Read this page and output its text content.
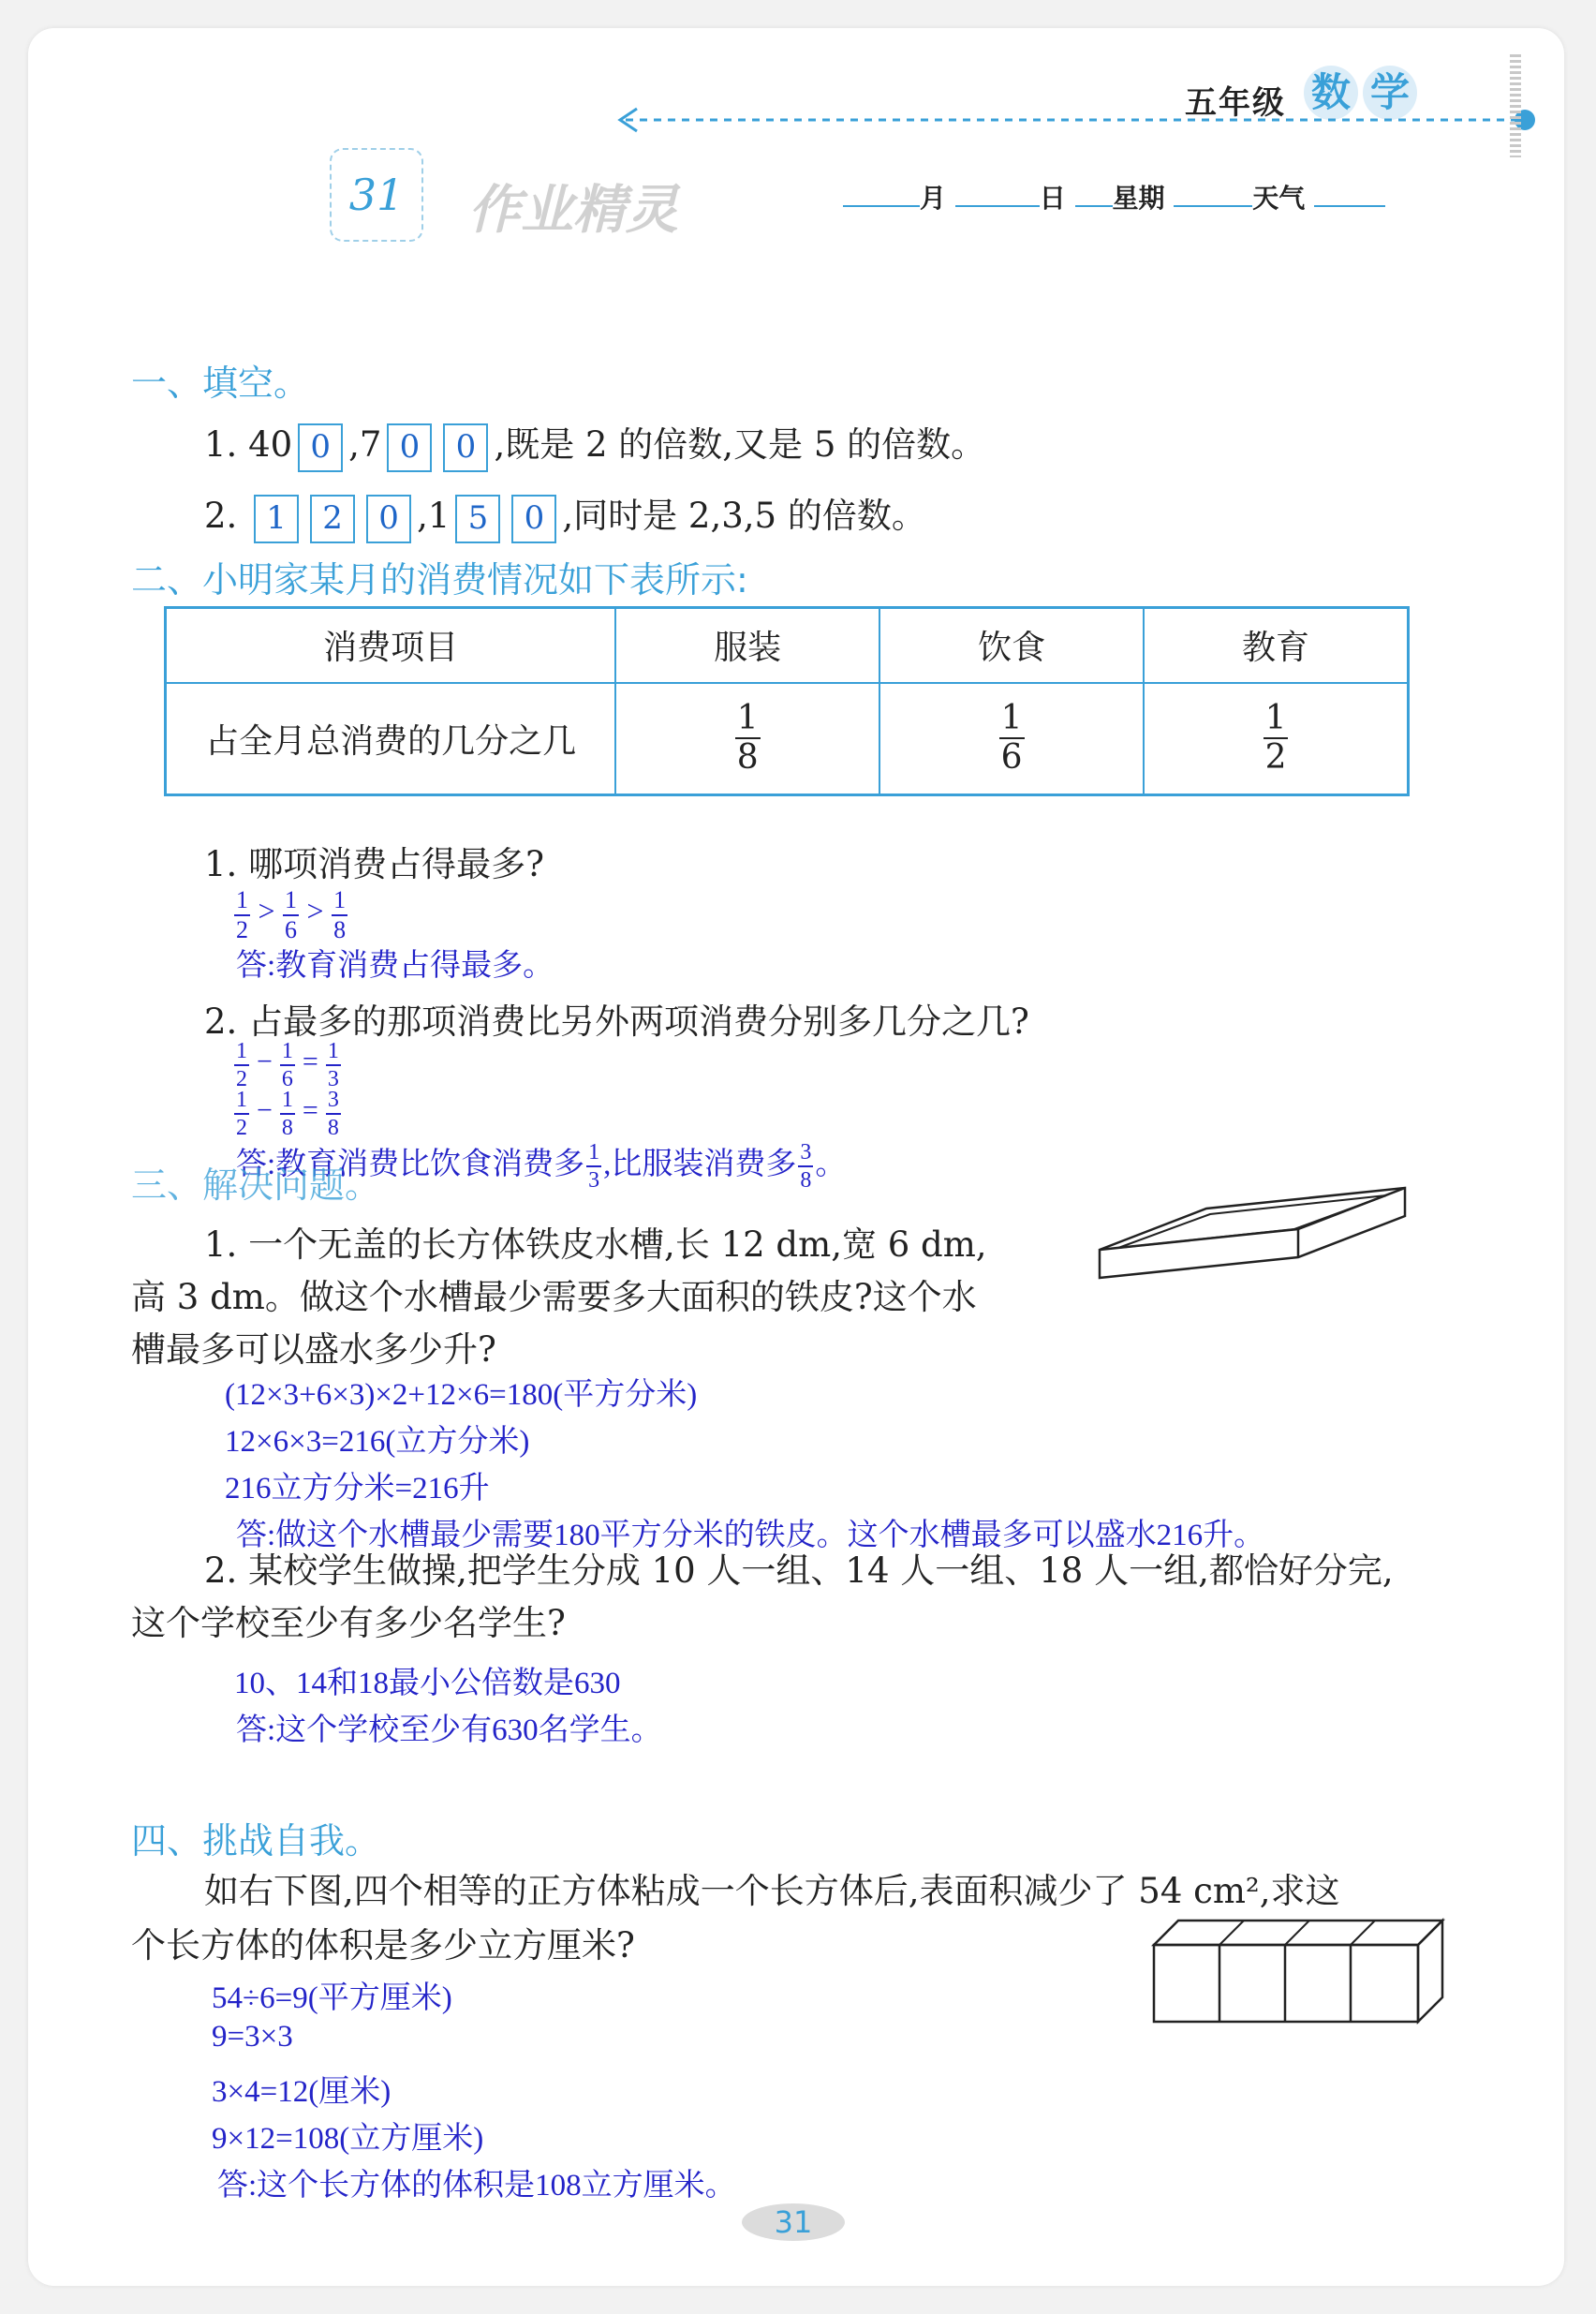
五年级 数 学
31	作业精灵	月	日 星期	天气
一、填空。
1. 40 0 ,7 0 0 ,既是 2 的倍数,又是 5 的倍数。
2. 1 2 0 ,1 5 0 ,同时是 2,3,5 的倍数。
二、小明家某月的消费情况如下表所示:
消费项目	服装	饮食	教育
占全月总消费的几分之几	$\frac{1}{8}$	$\frac{1}{6}$	$\frac{1}{2}$
1. 哪项消费占得最多?
$\frac{1}{2} > \frac{1}{6} > \frac{1}{8}$
答:教育消费占得最多。
2. 占最多的那项消费比另外两项消费分别多几分之几?
$\frac{1}{2} - \frac{1}{6} = \frac{1}{3}$
$\frac{1}{2} - \frac{1}{8} = \frac{3}{8}$
答:教育消费比饮食消费多 $\frac{1}{3}$ ,比服装消费多 $\frac{3}{8}$ 。
三、解决问题。
1. 一个无盖的长方体铁皮水槽,长 12 dm,宽 6 dm,
高 3 dm。做这个水槽最少需要多大面积的铁皮?这个水
槽最多可以盛水多少升?
(12×3+6×3)×2+12×6=180(平方分米)
12×6×3=216(立方分米)
216立方分米=216升
答:做这个水槽最少需要180平方分米的铁皮。这个水槽最多可以盛水216升。
2. 某校学生做操,把学生分成 10 人一组、14 人一组、18 人一组,都恰好分完,
这个学校至少有多少名学生?
10、14和18最小公倍数是630
答:这个学校至少有630名学生。
四、挑战自我。
如右下图,四个相等的正方体粘成一个长方体后,表面积减少了 54 cm²,求这
个长方体的体积是多少立方厘米?
54÷6=9(平方厘米)
9=3×3
3×4=12(厘米)
9×12=108(立方厘米)
答:这个长方体的体积是108立方厘米。
31
